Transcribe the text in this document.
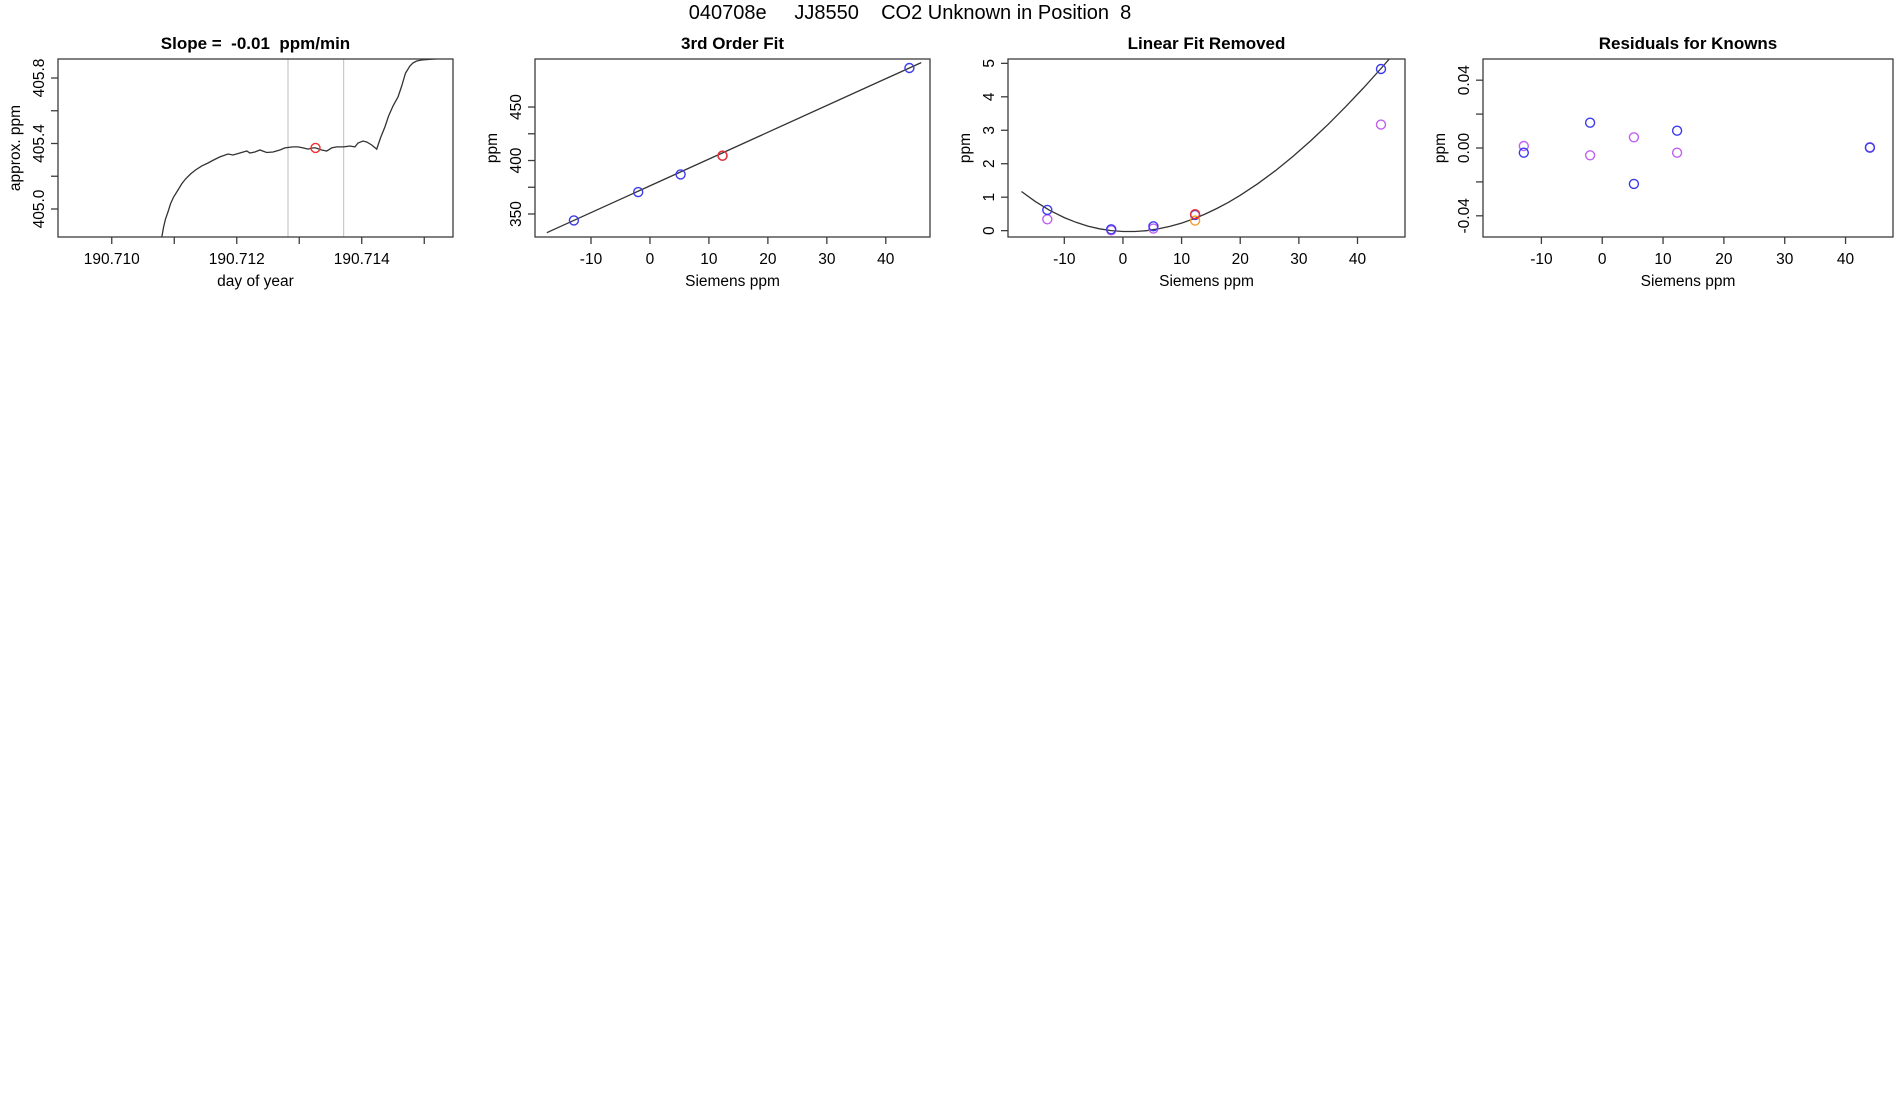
040708e     JJ8550    CO2 Unknown in Position  8
190.710	190.712	190.714
405.0
405.4
405.8
Slope =  -0.01  ppm/min
day of year
approx. ppm
-10	0	10	20	30	40
350
400
450
3rd Order Fit
Siemens ppm
ppm
-10	0	10	20	30	40
0
1
2
3
4
5
Linear Fit Removed
Siemens ppm
ppm
-10	0	10	20	30	40
-0.04
0.00
0.04
Residuals for Knowns
Siemens ppm
ppm
